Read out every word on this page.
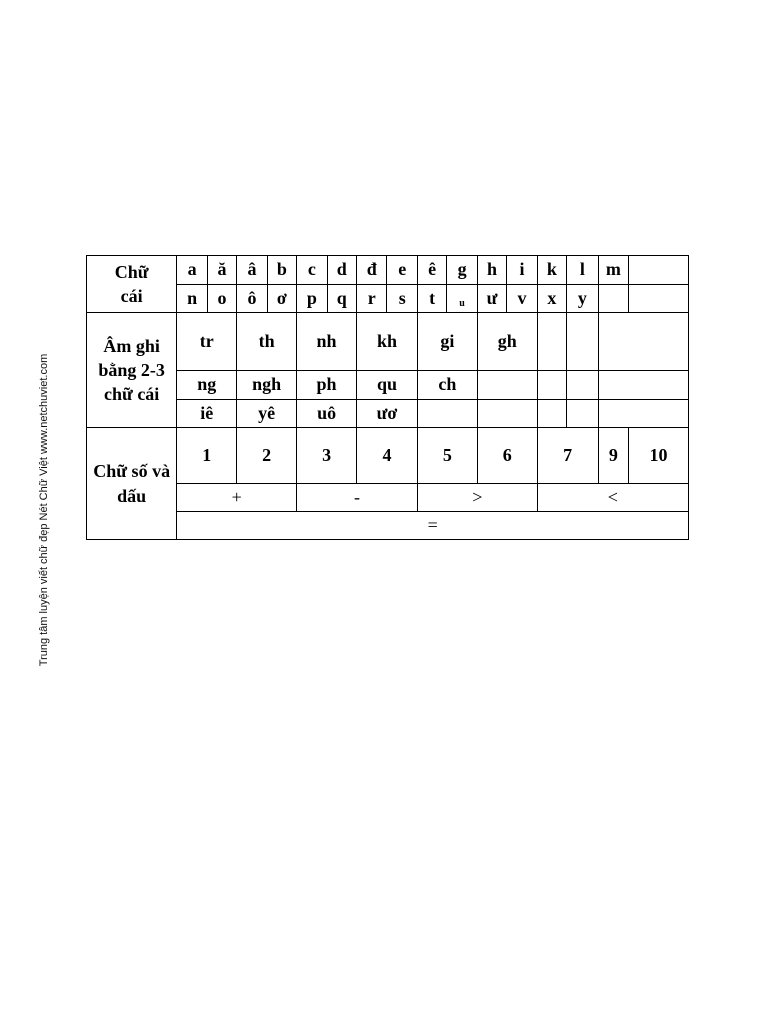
Trung tâm luyện viết chữ đẹp Nét Chữ Việt www.netchuviet.com
Chữ
cái	a	ă	â	b	c	d	đ	e	ê	g	h	i	k	l	m	
	n	o	ô	ơ	p	q	r	s	t	u	ư	v	x	y		
Âm ghi bằng 2-3 chữ cái	tr		th		nh		kh		gi		gh					
	ng		ngh		ph		qu		ch							
	iê		yê		uô		ươ									
Chữ số và dấu	1		2		3		4		5		6		7		9	10
	+				-				>				<			
	=															
